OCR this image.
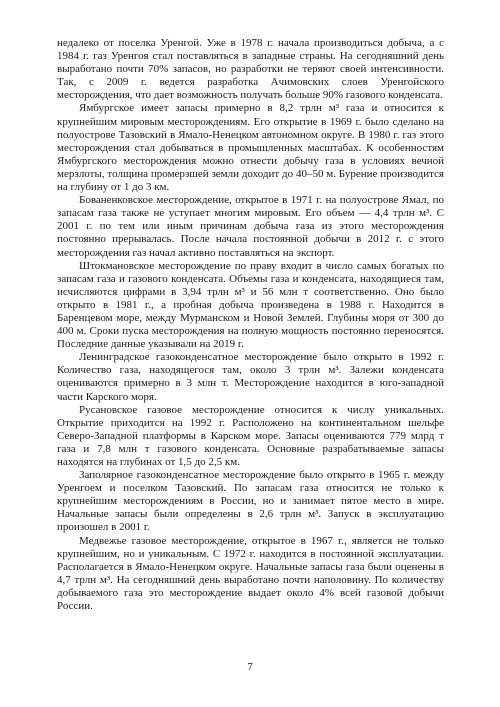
недалеко от поселка Уренгой. Уже в 1978 г. начала производиться добыча, а с 1984 г. газ Уренгоя стал поставляться в западные страны. На сегодняшний день выработано почти 70% запасов, но разработки не теряют своей интенсивности. Так, с 2009 г. ведется разработка Ачимовских слоев Уренгойского месторождения, что дает возможность получать больше 90% газового конденсата.

Ямбургское имеет запасы примерно в 8,2 трлн м³ газа и относится к крупнейшим мировым месторождениям. Его открытие в 1969 г. было сделано на полуострове Тазовский в Ямало-Ненецком автономном округе. В 1980 г. газ этого месторождения стал добываться в промышленных масштабах. К особенностям Ямбургского месторождения можно отнести добычу газа в условиях вечной мерзлоты, толщина промерзшей земли доходит до 40–50 м. Бурение производится на глубину от 1 до 3 км.

Бованенковское месторождение, открытое в 1971 г. на полуострове Ямал, по запасам газа также не уступает многим мировым. Его объем — 4,4 трлн м³. С 2001 г. по тем или иным причинам добыча газа из этого месторождения постоянно прерывалась. После начала постоянной добычи в 2012 г. с этого месторождения газ начал активно поставляться на экспорт.

Штокмановское месторождение по праву входит в число самых богатых по запасам газа и газового конденсата. Объемы газа и конденсата, находящиеся там, исчисляются цифрами в 3,94 трлн м³ и 56 млн т соответственно. Оно было открыто в 1981 г., а пробная добыча произведена в 1988 г. Находится в Баренцевом море, между Мурманском и Новой Землей. Глубины моря от 300 до 400 м. Сроки пуска месторождения на полную мощность постоянно переносятся. Последние данные указывали на 2019 г.

Ленинградское газоконденсатное месторождение было открыто в 1992 г. Количество газа, находящегося там, около 3 трлн м³. Залежи конденсата оцениваются примерно в 3 млн т. Месторождение находится в юго-западной части Карского моря.

Русановское газовое месторождение относится к числу уникальных. Открытие приходится на 1992 г. Расположено на континентальном шельфе Северо-Западной платформы в Карском море. Запасы оцениваются 779 млрд т газа и 7,8 млн т газового конденсата. Основные разрабатываемые запасы находятся на глубинах от 1,5 до 2,5 км.

Заполярное газоконденсатное месторождение было открыто в 1965 г. между Уренгоем и поселком Тазовский. По запасам газа относится не только к крупнейшим месторождениям в России, но и занимает пятое место в мире. Начальные запасы были определены в 2,6 трлн м³. Запуск в эксплуатацию произошел в 2001 г.

Медвежье газовое месторождение, открытое в 1967 г., является не только крупнейшим, но и уникальным. С 1972 г. находится в постоянной эксплуатации. Располагается в Ямало-Ненецком округе. Начальные запасы газа были оценены в 4,7 трлн м³. На сегодняшний день выработано почти наполовину. По количеству добываемого газа это месторождение выдает около 4% всей газовой добычи России.

7
